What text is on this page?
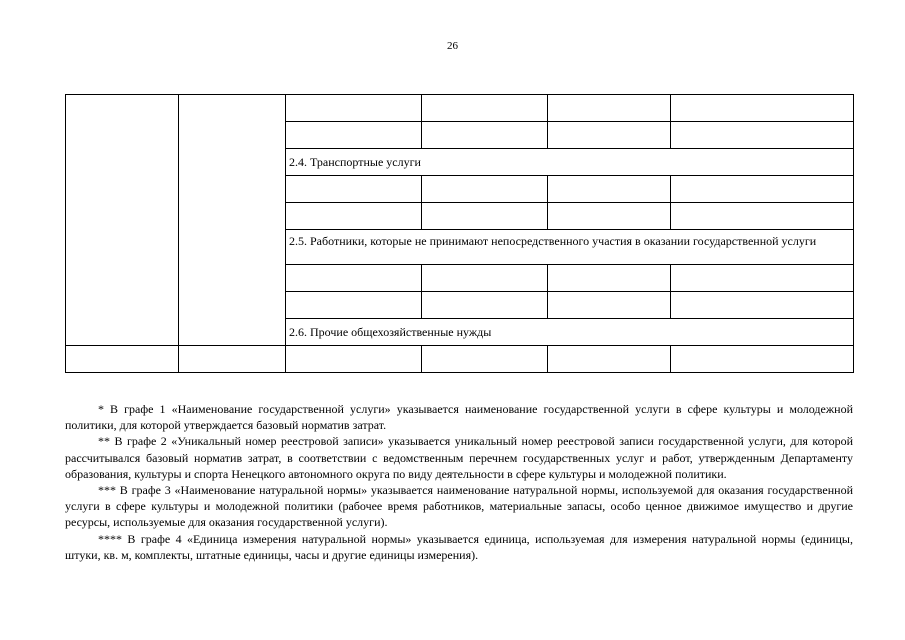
26

		2.4. Транспортные услуги			

		2.5. Работники, которые не принимают непосредственного участия в оказании государственной услуги			

		2.6. Прочие общехозяйственные нужды			

* В графе 1 «Наименование государственной услуги» указывается наименование государственной услуги в сфере культуры и молодежной политики, для которой утверждается базовый норматив затрат.

** В графе 2 «Уникальный номер реестровой записи» указывается уникальный номер реестровой записи государственной услуги, для которой рассчитывался базовый норматив затрат, в соответствии с ведомственным перечнем государственных услуг и работ, утвержденным Департаменту образования, культуры и спорта Ненецкого автономного округа по виду деятельности в сфере культуры и молодежной политики.

*** В графе 3 «Наименование натуральной нормы» указывается наименование натуральной нормы, используемой для оказания государственной услуги в сфере культуры и молодежной политики (рабочее время работников, материальные запасы, особо ценное движимое имущество и другие ресурсы, используемые для оказания государственной услуги).

**** В графе 4 «Единица измерения натуральной нормы» указывается единица, используемая для измерения натуральной нормы (единицы, штуки, кв. м, комплекты, штатные единицы, часы и другие единицы измерения).
